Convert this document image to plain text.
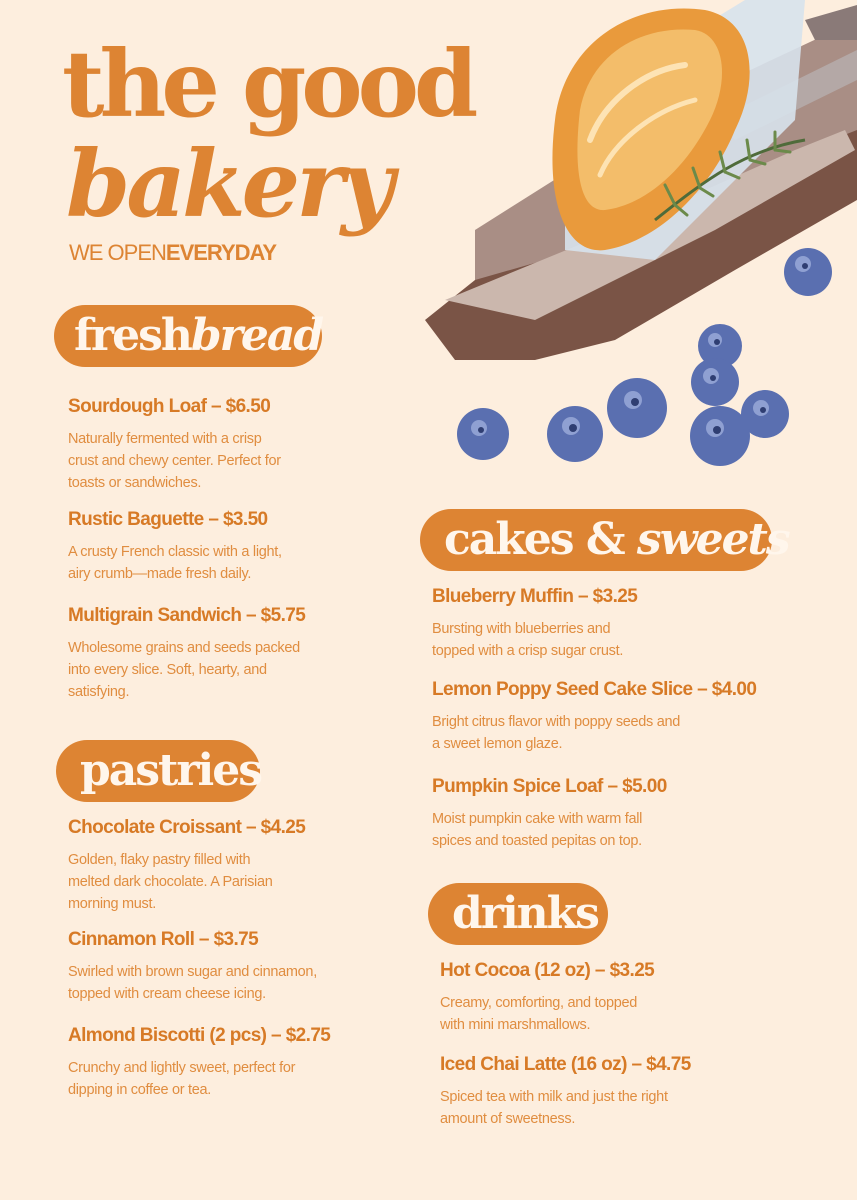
the good
bakery
WE OPENEVERYDAY
freshbread
Sourdough Loaf – $6.50
Naturally fermented with a crisp
crust and chewy center. Perfect for
toasts or sandwiches.
Rustic Baguette – $3.50
A crusty French classic with a light,
airy crumb—made fresh daily.
Multigrain Sandwich – $5.75
Wholesome grains and seeds packed
into every slice. Soft, hearty, and
satisfying.
pastries
Chocolate Croissant – $4.25
Golden, flaky pastry filled with
melted dark chocolate. A Parisian
morning must.
Cinnamon Roll – $3.75
Swirled with brown sugar and cinnamon,
topped with cream cheese icing.
Almond Biscotti (2 pcs) – $2.75
Crunchy and lightly sweet, perfect for
dipping in coffee or tea.
cakes & sweets
Blueberry Muffin – $3.25
Bursting with blueberries and
topped with a crisp sugar crust.
Lemon Poppy Seed Cake Slice – $4.00
Bright citrus flavor with poppy seeds and
a sweet lemon glaze.
Pumpkin Spice Loaf – $5.00
Moist pumpkin cake with warm fall
spices and toasted pepitas on top.
drinks
Hot Cocoa (12 oz) – $3.25
Creamy, comforting, and topped
with mini marshmallows.
Iced Chai Latte (16 oz) – $4.75
Spiced tea with milk and just the right
amount of sweetness.
